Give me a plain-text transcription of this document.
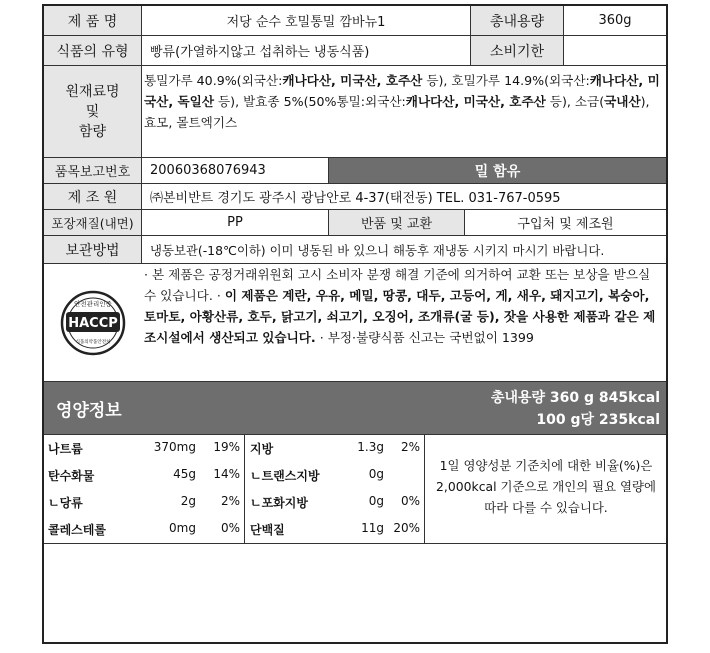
제 품 명	저당 순수 호밀통밀 깜바뉴1	총내용량	360g
식품의 유형	빵류(가열하지않고 섭취하는 냉동식품)	소비기한
원재료명
및
함량
통밀가루 40.9%(외국산:캐나다산, 미국산, 호주산 등), 호밀가루 14.9%(외국산:캐나다산, 미국산, 독일산 등), 발효종 5%(50%통밀:외국산:캐나다산, 미국산, 호주산 등), 소금(국내산), 효모, 몰트엑기스
품목보고번호	20060368076943	밀 함유
제 조 원	㈜본비반트 경기도 광주시 광남안로 4-37(태전동) TEL. 031-767-0595
포장재질(내면)	PP	반품 및 교환	구입처 및 제조원
보관방법	냉동보관(-18℃이하) 이미 냉동된 바 있으니 해동후 재냉동 시키지 마시기 바랍니다.
안전관리인증
HACCP
식품의약품안전처
· 본 제품은 공정거래위원회 고시 소비자 분쟁 해결 기준에 의거하여 교환 또는 보상을 받으실 수 있습니다. · 이 제품은 계란, 우유, 메밀, 땅콩, 대두, 고등어, 게, 새우, 돼지고기, 복숭아, 토마토, 아황산류, 호두, 닭고기, 쇠고기, 오징어, 조개류(굴 등), 잣을 사용한 제품과 같은 제조시설에서 생산되고 있습니다. · 부정·불량식품 신고는 국번없이 1399
영양정보
총내용량 360 g 845kcal
100 g당 235kcal
나트륨	370mg 19%
탄수화물	45g 14%
ㄴ당류	2g 2%
콜레스테롤	0mg 0%
지방	1.3g 2%
ㄴ트랜스지방	0g
ㄴ포화지방	0g 0%
단백질	11g 20%
1일 영양성분 기준치에 대한 비율(%)은 2,000kcal 기준으로 개인의 필요 열량에 따라 다를 수 있습니다.
